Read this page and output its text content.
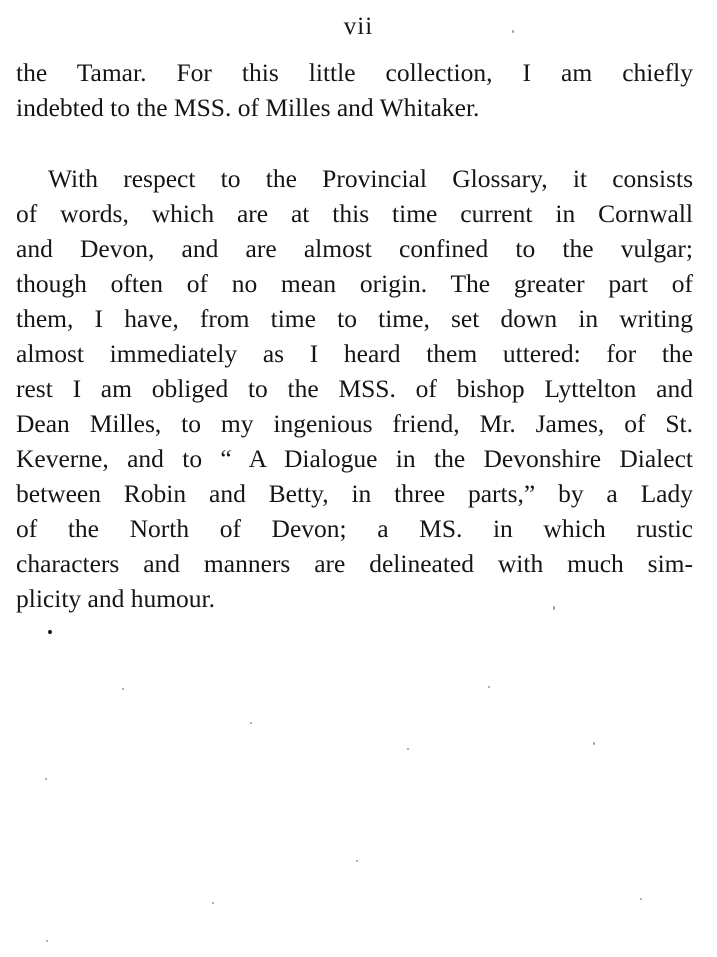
vii
the Tamar. For this little collection, I am chiefly
indebted to the MSS. of Milles and Whitaker.
With respect to the Provincial Glossary, it consists
of words, which are at this time current in Cornwall
and Devon, and are almost confined to the vulgar;
though often of no mean origin. The greater part of
them, I have, from time to time, set down in writing
almost immediately as I heard them uttered: for the
rest I am obliged to the MSS. of bishop Lyttelton and
Dean Milles, to my ingenious friend, Mr. James, of St.
Keverne, and to “ A Dialogue in the Devonshire Dialect
between Robin and Betty, in three parts,” by a Lady
of the North of Devon; a MS. in which rustic
characters and manners are delineated with much sim-
plicity and humour.
